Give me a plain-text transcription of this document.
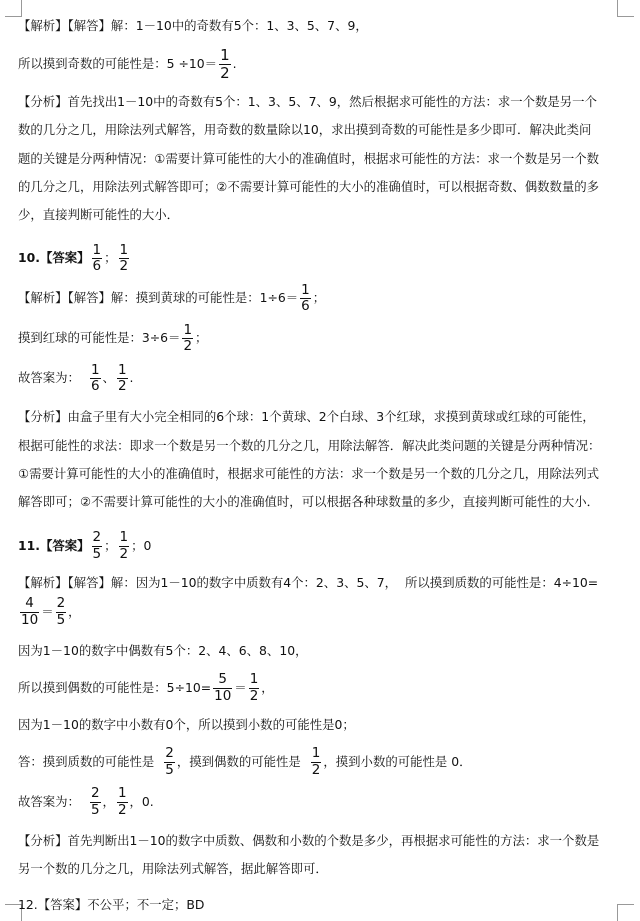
【解析】【解答】解：1－10中的奇数有5个：1、3、5、7、9，
所以摸到奇数的可能性是：$5 \div 10= \frac{1}{2}$ .
【分析】首先找出1－10中的奇数有5个：1、3、5、7、9，然后根据求可能性的方法：求一个数是另一个数的几分之几，用除法列式解答，用奇数的数量除以10，求出摸到奇数的可能性是多少即可．解决此类问题的关键是分两种情况：①需要计算可能性的大小的准确值时，根据求可能性的方法：求一个数是另一个数的几分之几，用除法列式解答即可；②不需要计算可能性的大小的准确值时，可以根据奇数、偶数数量的多少，直接判断可能性的大小．
10.【答案】 $\frac{1}{6}$ ； $\frac{1}{2}$
【解析】【解答】解：摸到黄球的可能性是：$1\div 6= \frac{1}{6}$ ；
摸到红球的可能性是：$3\div 6= \frac{1}{2}$ ；
故答案为： $\frac{1}{6}$ 、 $\frac{1}{2}$ .
【分析】由盒子里有大小完全相同的6个球：1个黄球、2个白球、3个红球，求摸到黄球或红球的可能性，根据可能性的求法：即求一个数是另一个数的几分之几，用除法解答．解决此类问题的关键是分两种情况：①需要计算可能性的大小的准确值时，根据求可能性的方法：求一个数是另一个数的几分之几，用除法列式解答即可；②不需要计算可能性的大小的准确值时，可以根据各种球数量的多少，直接判断可能性的大小．
11.【答案】 $\frac{2}{5}$ ； $\frac{1}{2}$ ；0
【解析】【解答】解：因为1－10的数字中质数有4个：2、3、5、7， 所以摸到质数的可能性是：4÷10=
$\frac{4}{10} = \frac{2}{5}$ ，
因为1－10的数字中偶数有5个：2、4、6、8、10，
所以摸到偶数的可能性是：$5\div 10= \frac{5}{10} = \frac{1}{2}$ ，
因为1－10的数字中小数有0个，所以摸到小数的可能性是0；
答：摸到质数的可能性是 $\frac{2}{5}$ ，摸到偶数的可能性是 $\frac{1}{2}$ ，摸到小数的可能性是 0．
故答案为： $\frac{2}{5}$ ， $\frac{1}{2}$ ，0.
【分析】首先判断出1－10的数字中质数、偶数和小数的个数是多少，再根据求可能性的方法：求一个数是另一个数的几分之几，用除法列式解答，据此解答即可．
12.【答案】不公平；不一定；BD
